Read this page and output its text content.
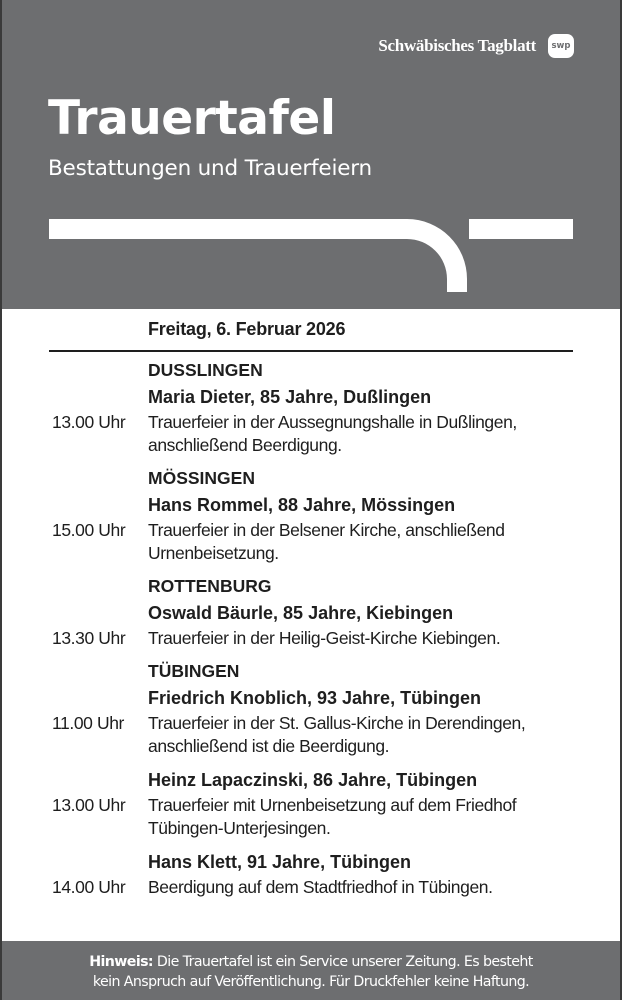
Schwäbisches Tagblatt	swp
Trauertafel
Bestattungen und Trauerfeiern
Freitag, 6. Februar 2026
DUSSLINGEN
Maria Dieter, 85 Jahre, Dußlingen
13.00 Uhr	Trauerfeier in der Aussegnungshalle in Dußlingen,
anschließend Beerdigung.
MÖSSINGEN
Hans Rommel, 88 Jahre, Mössingen
15.00 Uhr	Trauerfeier in der Belsener Kirche, anschließend
Urnenbeisetzung.
ROTTENBURG
Oswald Bäurle, 85 Jahre, Kiebingen
13.30 Uhr	Trauerfeier in der Heilig-Geist-Kirche Kiebingen.
TÜBINGEN
Friedrich Knoblich, 93 Jahre, Tübingen
11.00 Uhr	Trauerfeier in der St. Gallus-Kirche in Derendingen,
anschließend ist die Beerdigung.
Heinz Lapaczinski, 86 Jahre, Tübingen
13.00 Uhr	Trauerfeier mit Urnenbeisetzung auf dem Friedhof
Tübingen-Unterjesingen.
Hans Klett, 91 Jahre, Tübingen
14.00 Uhr	Beerdigung auf dem Stadtfriedhof in Tübingen.
Hinweis: Die Trauertafel ist ein Service unserer Zeitung. Es besteht
kein Anspruch auf Veröffentlichung. Für Druckfehler keine Haftung.
